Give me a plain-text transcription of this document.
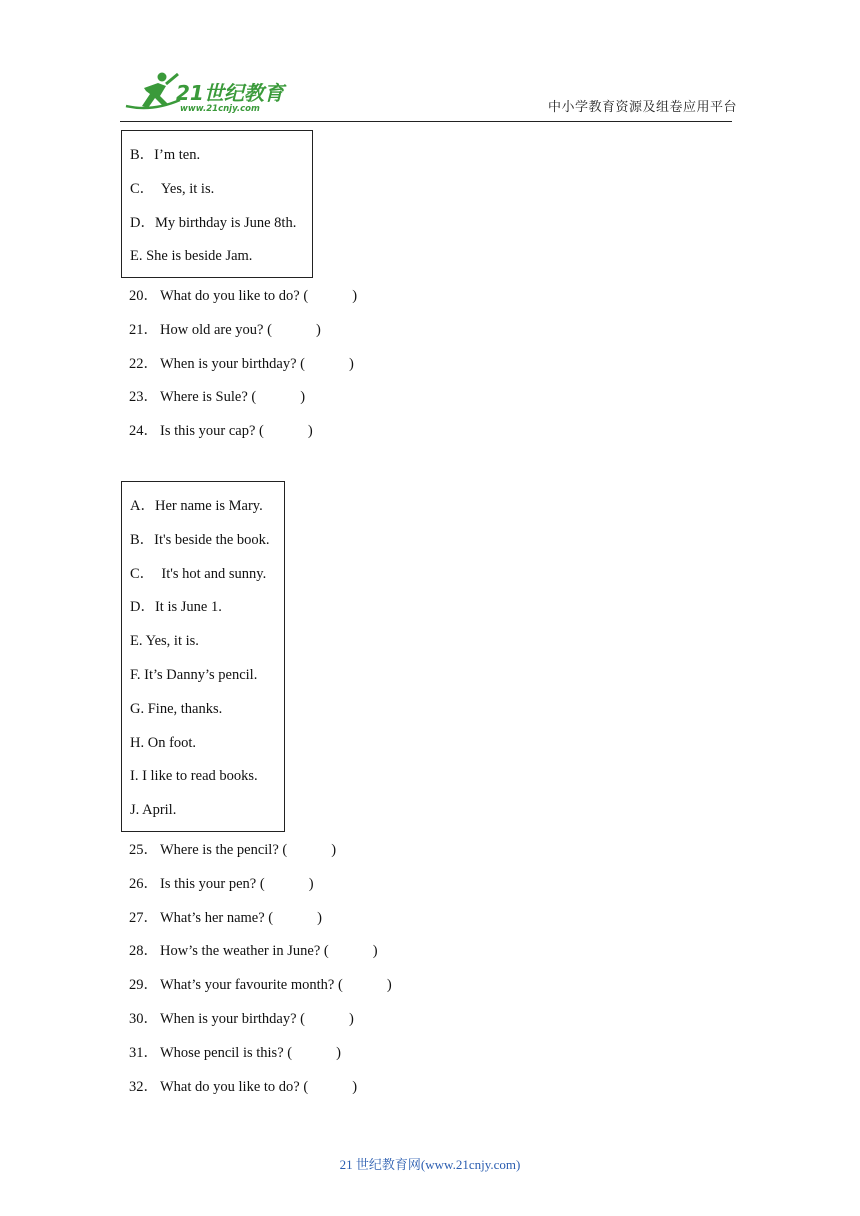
21世纪教育
www.21cnjy.com	中小学教育资源及组卷应用平台
B．I’m ten.
C．  Yes, it is.
D．My birthday is June 8th.
E. She is beside Jam.
20． What do you like to do? (	)
21． How old are you? (	)
22． When is your birthday? (	)
23． Where is Sule? (	)
24． Is this your cap? (	)
A．Her name is Mary.
B．It's beside the book.
C．  It's hot and sunny.
D．It is June 1.
E. Yes, it is.
F. It’s Danny’s pencil.
G. Fine, thanks.
H. On foot.
I. I like to read books.
J. April.
25． Where is the pencil? (	)
26． Is this your pen? (	)
27． What’s her name? (	)
28． How’s the weather in June? (	)
29． What’s your favourite month? (	)
30． When is your birthday? (	)
31． Whose pencil is this? (	)
32． What do you like to do? (	)
21 世纪教育网(www.21cnjy.com)
